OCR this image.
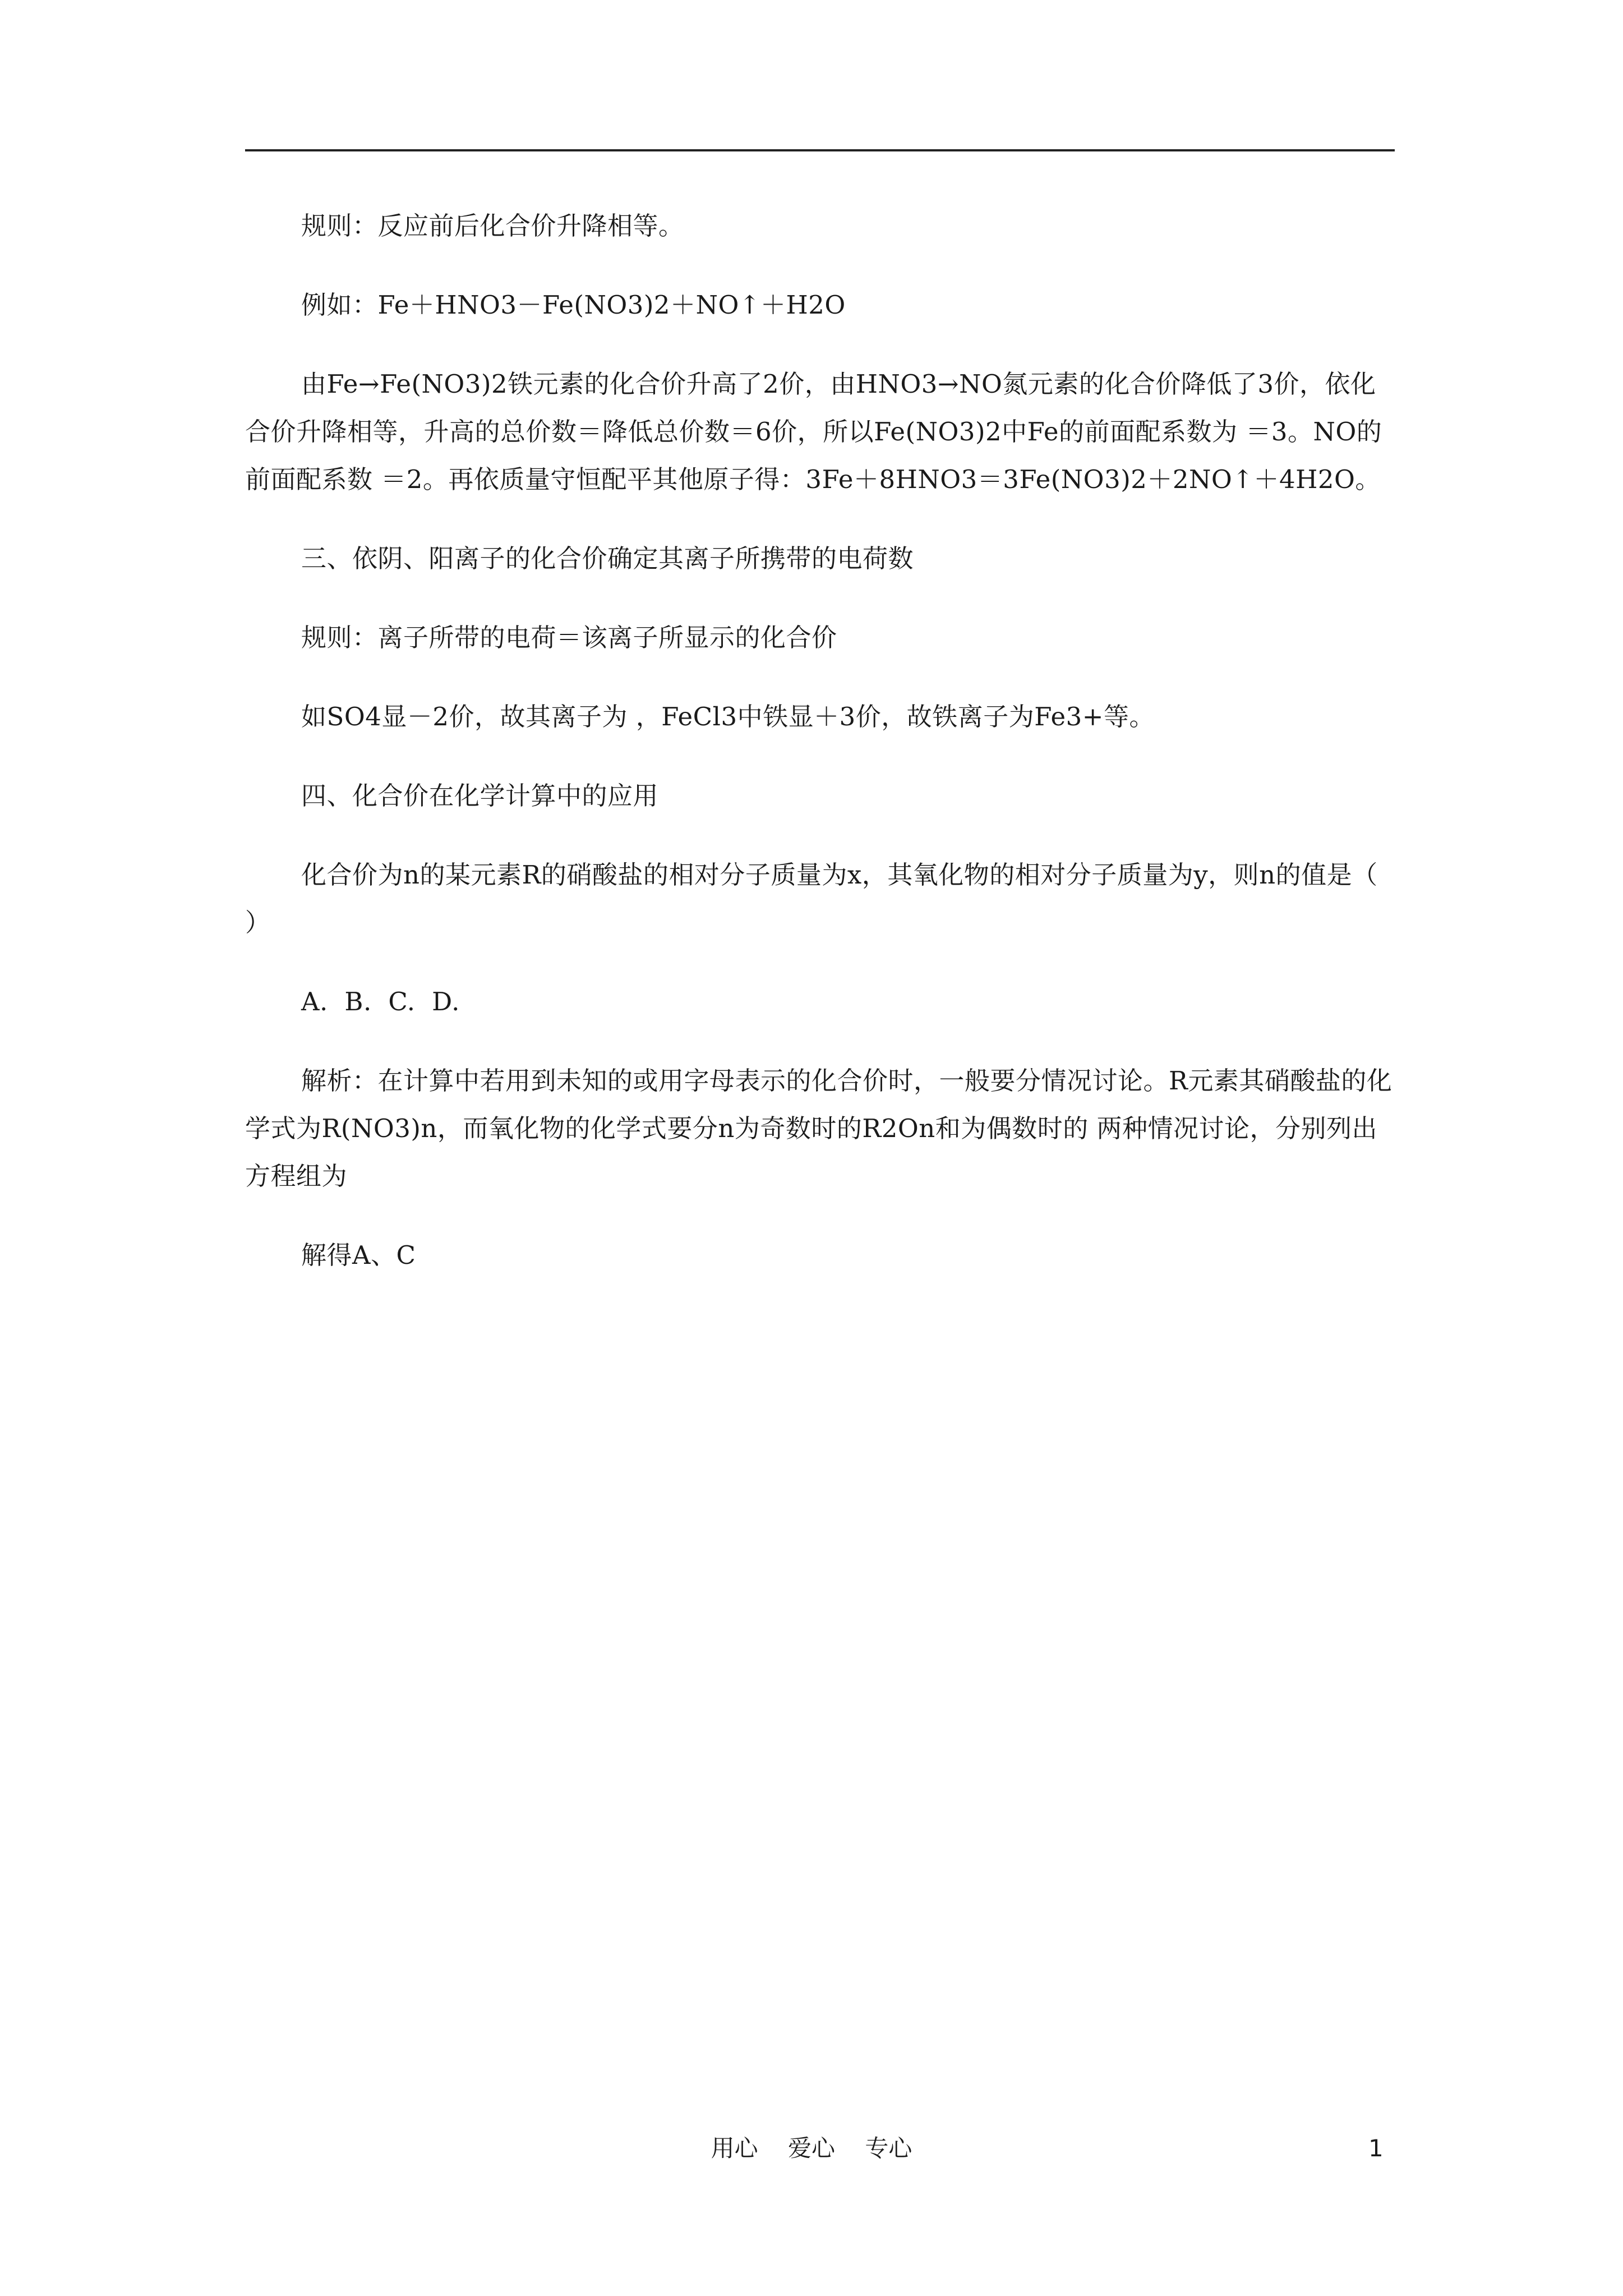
规则：反应前后化合价升降相等。

例如：Fe＋HNO3－Fe(NO3)2＋NO↑＋H2O

由Fe→Fe(NO3)2铁元素的化合价升高了2价，由HNO3→NO氮元素的化合价降低了3价，依化合价升降相等，升高的总价数＝降低总价数＝6价，所以Fe(NO3)2中Fe的前面配系数为 ＝3。NO的前面配系数 ＝2。再依质量守恒配平其他原子得：3Fe＋8HNO3＝3Fe(NO3)2＋2NO↑＋4H2O。

三、依阴、阳离子的化合价确定其离子所携带的电荷数

规则：离子所带的电荷＝该离子所显示的化合价

如SO4显－2价，故其离子为 ，FeCl3中铁显＋3价，故铁离子为Fe3+等。

四、化合价在化学计算中的应用

化合价为n的某元素R的硝酸盐的相对分子质量为x，其氧化物的相对分子质量为y，则n的值是（        ）

A.  B.  C.  D.

解析：在计算中若用到未知的或用字母表示的化合价时，一般要分情况讨论。R元素其硝酸盐的化学式为R(NO3)n，而氧化物的化学式要分n为奇数时的R2On和为偶数时的 两种情况讨论，分别列出方程组为

解得A、C

用心    爱心    专心	1
